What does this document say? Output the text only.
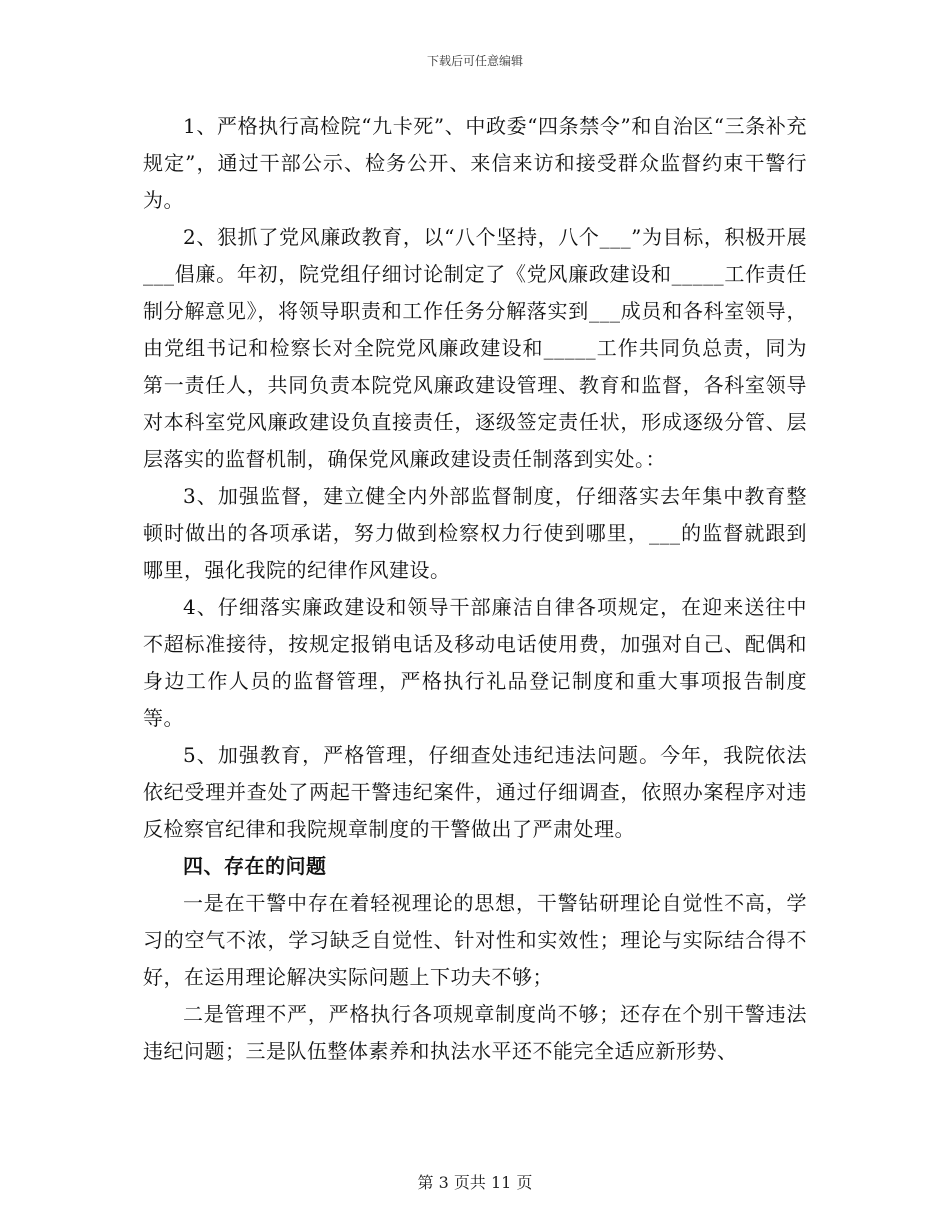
下载后可任意编辑

1、严格执行高检院“九卡死”、中政委“四条禁令”和自治区“三条补充规定”，通过干部公示、检务公开、来信来访和接受群众监督约束干警行为。

2、狠抓了党风廉政教育，以“八个坚持，八个___”为目标，积极开展___倡廉。年初，院党组仔细讨论制定了《党风廉政建设和_____工作责任制分解意见》，将领导职责和工作任务分解落实到___成员和各科室领导，由党组书记和检察长对全院党风廉政建设和_____工作共同负总责，同为第一责任人，共同负责本院党风廉政建设管理、教育和监督，各科室领导对本科室党风廉政建设负直接责任，逐级签定责任状，形成逐级分管、层层落实的监督机制，确保党风廉政建设责任制落到实处。：

3、加强监督，建立健全内外部监督制度，仔细落实去年集中教育整顿时做出的各项承诺，努力做到检察权力行使到哪里，___的监督就跟到哪里，强化我院的纪律作风建设。

4、仔细落实廉政建设和领导干部廉洁自律各项规定，在迎来送往中不超标准接待，按规定报销电话及移动电话使用费，加强对自己、配偶和身边工作人员的监督管理，严格执行礼品登记制度和重大事项报告制度等。

5、加强教育，严格管理，仔细查处违纪违法问题。今年，我院依法依纪受理并查处了两起干警违纪案件，通过仔细调查，依照办案程序对违反检察官纪律和我院规章制度的干警做出了严肃处理。

四、存在的问题

一是在干警中存在着轻视理论的思想，干警钻研理论自觉性不高，学习的空气不浓，学习缺乏自觉性、针对性和实效性；理论与实际结合得不好，在运用理论解决实际问题上下功夫不够；

二是管理不严，严格执行各项规章制度尚不够；还存在个别干警违法违纪问题；三是队伍整体素养和执法水平还不能完全适应新形势、

第 3 页共 11 页
